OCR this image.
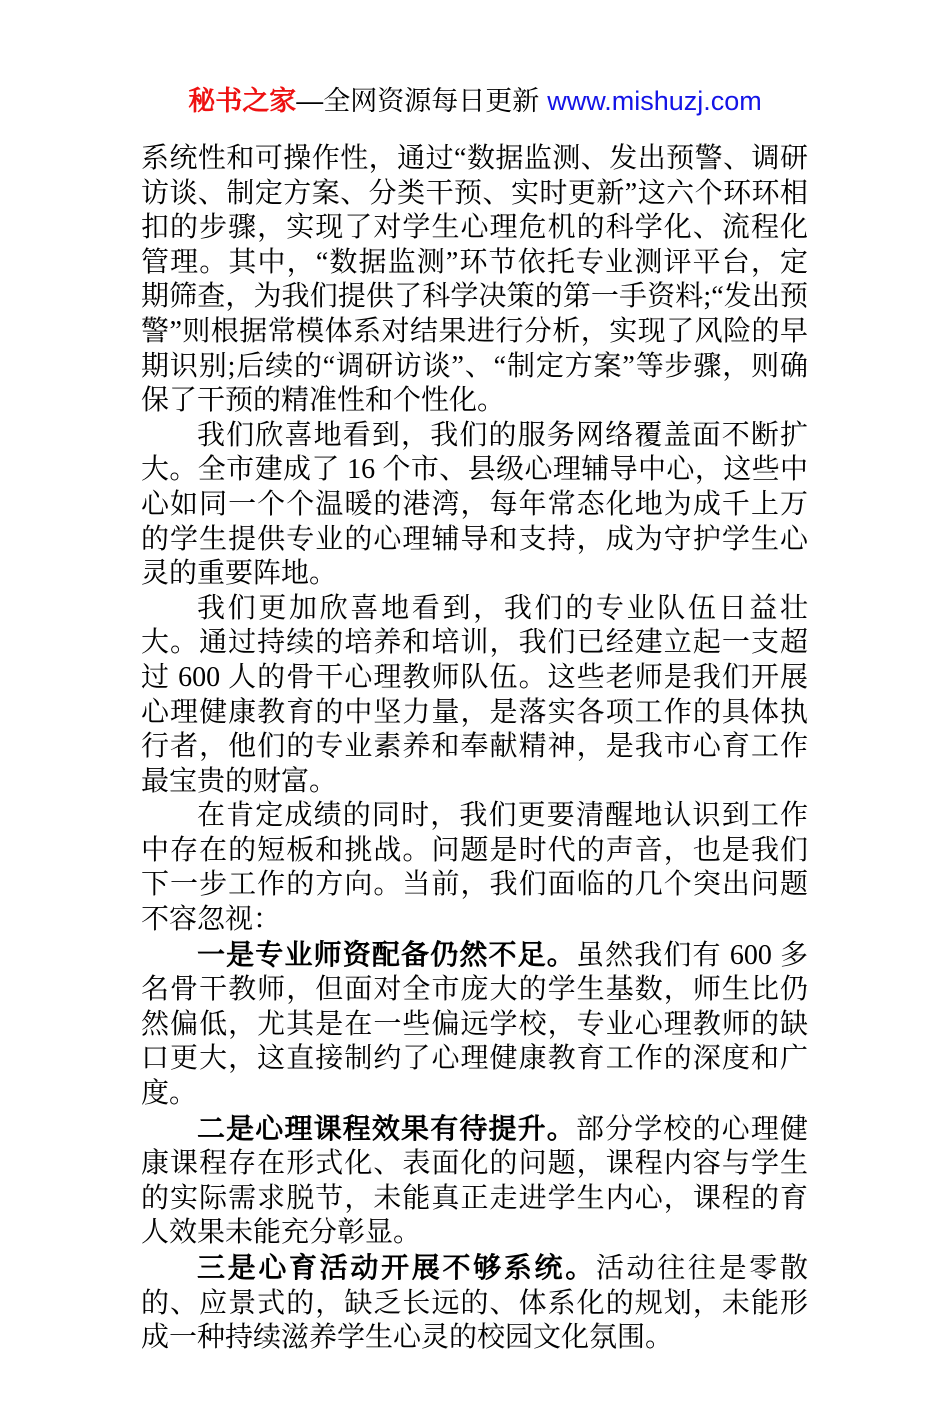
秘书之家—全网资源每日更新 www.mishuzj.com

系统性和可操作性，通过“数据监测、发出预警、调研访谈、制定方案、分类干预、实时更新”这六个环环相扣的步骤，实现了对学生心理危机的科学化、流程化管理。其中，“数据监测”环节依托专业测评平台，定期筛查，为我们提供了科学决策的第一手资料;“发出预警”则根据常模体系对结果进行分析，实现了风险的早期识别;后续的“调研访谈”、“制定方案”等步骤，则确保了干预的精准性和个性化。

我们欣喜地看到，我们的服务网络覆盖面不断扩大。全市建成了 16 个市、县级心理辅导中心，这些中心如同一个个温暖的港湾，每年常态化地为成千上万的学生提供专业的心理辅导和支持，成为守护学生心灵的重要阵地。

我们更加欣喜地看到，我们的专业队伍日益壮大。通过持续的培养和培训，我们已经建立起一支超过 600 人的骨干心理教师队伍。这些老师是我们开展心理健康教育的中坚力量，是落实各项工作的具体执行者，他们的专业素养和奉献精神，是我市心育工作最宝贵的财富。

在肯定成绩的同时，我们更要清醒地认识到工作中存在的短板和挑战。问题是时代的声音，也是我们下一步工作的方向。当前，我们面临的几个突出问题不容忽视：

一是专业师资配备仍然不足。虽然我们有 600 多名骨干教师，但面对全市庞大的学生基数，师生比仍然偏低，尤其是在一些偏远学校，专业心理教师的缺口更大，这直接制约了心理健康教育工作的深度和广度。

二是心理课程效果有待提升。部分学校的心理健康课程存在形式化、表面化的问题，课程内容与学生的实际需求脱节，未能真正走进学生内心，课程的育人效果未能充分彰显。

三是心育活动开展不够系统。活动往往是零散的、应景式的，缺乏长远的、体系化的规划，未能形成一种持续滋养学生心灵的校园文化氛围。
